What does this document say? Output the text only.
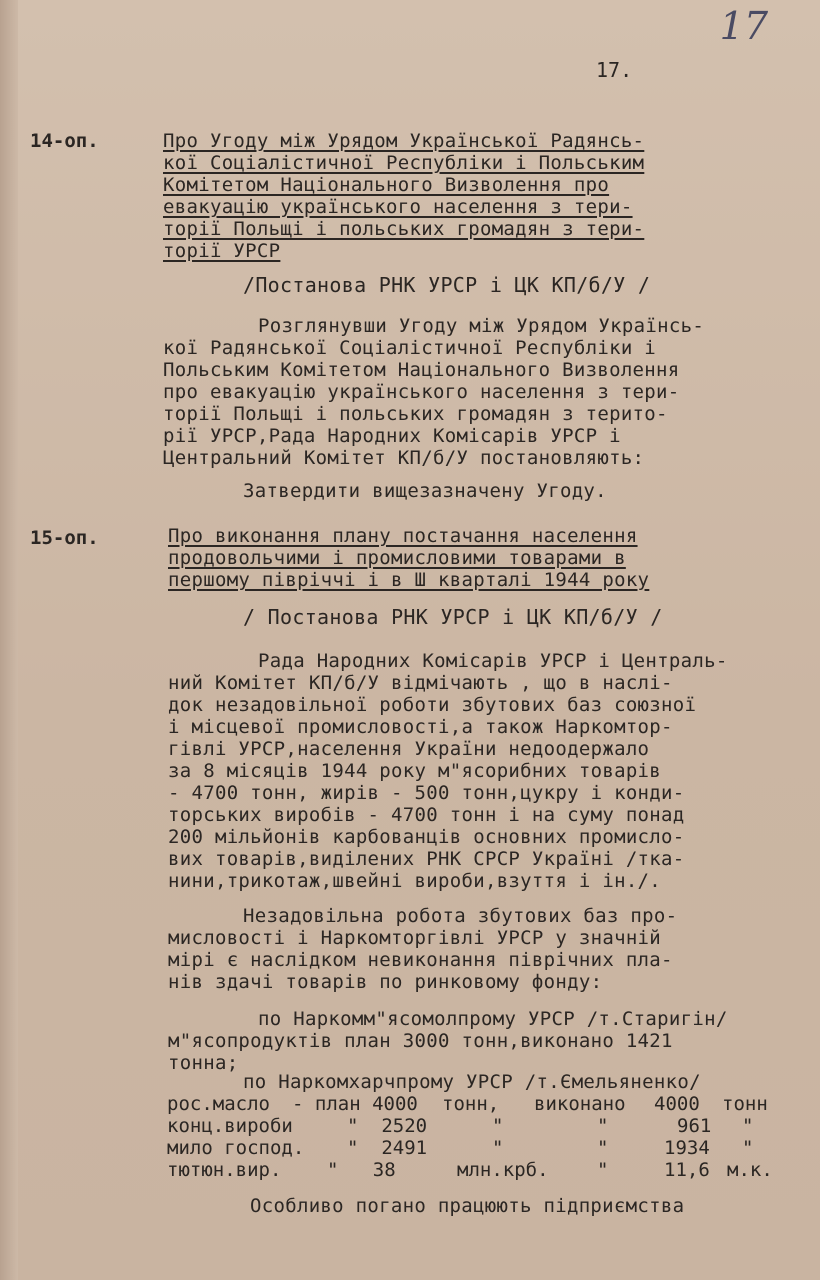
17
17.
14-оп.	Про Угоду між Урядом Української Радянсь-
кої Соціалістичної Республіки і Польським
Комітетом Національного Визволення про
евакуацію українського населення з тери-
торії Польщі і польських громадян з тери-
торії УРСР
/Постанова РНК УРСР і ЦК КП/б/У /
Розглянувши Угоду між Урядом Українсь-
кої Радянської Соціалістичної Республіки і
Польським Комітетом Національного Визволення
про евакуацію українського населення з тери-
торії Польщі і польських громадян з терито-
рії УРСР,Рада Народних Комісарів УРСР і
Центральний Комітет КП/б/У постановляють:
Затвердити вищезазначену Угоду.
15-оп.	Про виконання плану постачання населення
продовольчими і промисловими товарами в
першому півріччі і в Ш кварталі 1944 року
/ Постанова РНК УРСР і ЦК КП/б/У /
Рада Народних Комісарів УРСР і Централь-
ний Комітет КП/б/У відмічають , що в наслі-
док незадовільної роботи збутових баз союзної
і місцевої промисловості,а також Наркомтор-
гівлі УРСР,населення України недоодержало
за 8 місяців 1944 року м"ясорибних товарів
- 4700 тонн, жирів - 500 тонн,цукру і конди-
торських виробів - 4700 тонн і на суму понад
200 мільйонів карбованців основних промисло-
вих товарів,виділених РНК СРСР Україні /тка-
нини,трикотаж,швейні вироби,взуття і ін./.
Незадовільна робота збутових баз про-
мисловості і Наркомторгівлі УРСР у значній
мірі є наслідком невиконання піврічних пла-
нів здачі товарів по ринковому фонду:
по Наркомм"ясомолпрому УРСР /т.Старигін/
м"ясопродуктів план 3000 тонн,виконано 1421
тонна;
по Наркомхарчпрому УРСР /т.Ємельяненко/
рос.масло - план 4000 тонн, виконано 4000 тонн
конц.вироби	"  2520	"	"	961 "
мило господ. "  2491	"	"	1934 "
тютюн.вир. "   38	млн.крб.	"	11,6 м.к.
Особливо погано працюють підприємства
